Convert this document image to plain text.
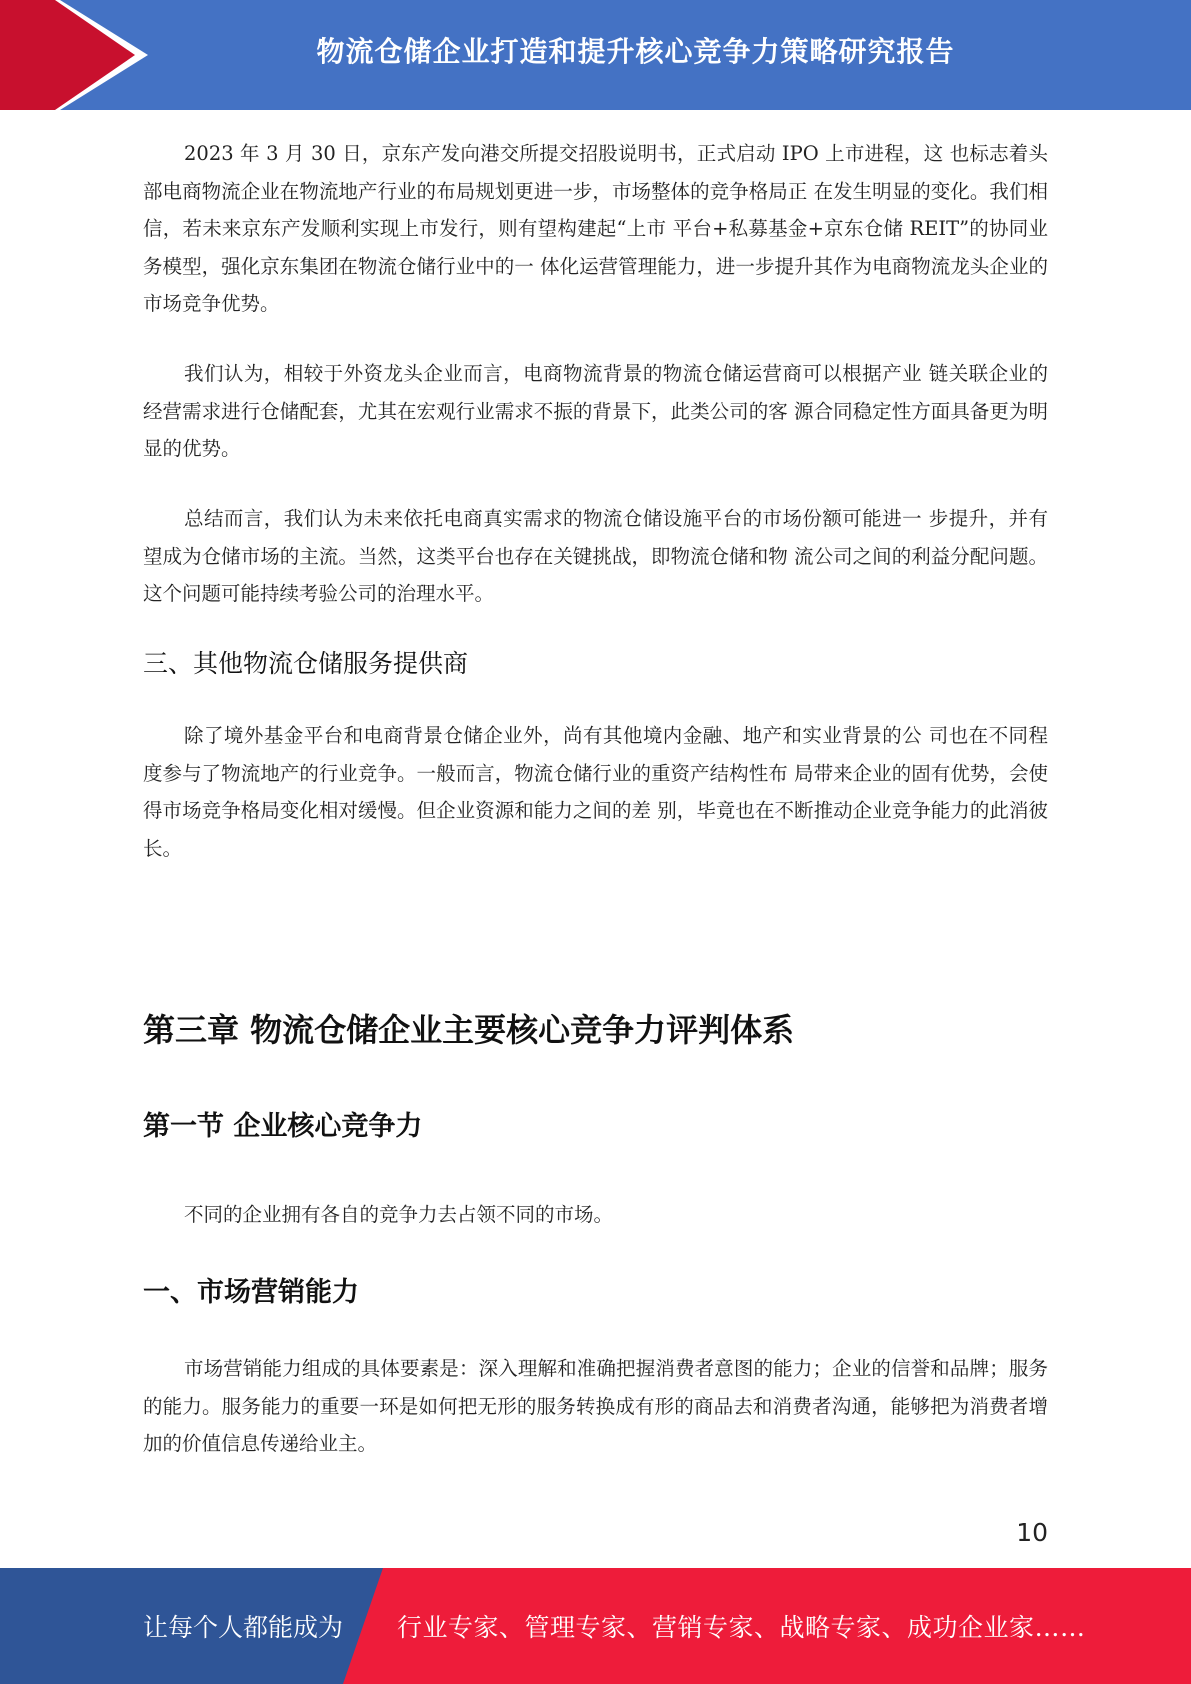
物流仓储企业打造和提升核心竞争力策略研究报告

2023 年 3 月 30 日，京东产发向港交所提交招股说明书，正式启动 IPO 上市进程，这 也标志着头部电商物流企业在物流地产行业的布局规划更进一步，市场整体的竞争格局正 在发生明显的变化。我们相信，若未来京东产发顺利实现上市发行，则有望构建起“上市 平台+私募基金+京东仓储 REIT”的协同业务模型，强化京东集团在物流仓储行业中的一 体化运营管理能力，进一步提升其作为电商物流龙头企业的市场竞争优势。

我们认为，相较于外资龙头企业而言，电商物流背景的物流仓储运营商可以根据产业 链关联企业的经营需求进行仓储配套，尤其在宏观行业需求不振的背景下，此类公司的客 源合同稳定性方面具备更为明显的优势。

总结而言，我们认为未来依托电商真实需求的物流仓储设施平台的市场份额可能进一 步提升，并有望成为仓储市场的主流。当然，这类平台也存在关键挑战，即物流仓储和物 流公司之间的利益分配问题。这个问题可能持续考验公司的治理水平。

三、其他物流仓储服务提供商

除了境外基金平台和电商背景仓储企业外，尚有其他境内金融、地产和实业背景的公 司也在不同程度参与了物流地产的行业竞争。一般而言，物流仓储行业的重资产结构性布 局带来企业的固有优势，会使得市场竞争格局变化相对缓慢。但企业资源和能力之间的差 别，毕竟也在不断推动企业竞争能力的此消彼长。

第三章 物流仓储企业主要核心竞争力评判体系
第一节 企业核心竞争力

不同的企业拥有各自的竞争力去占领不同的市场。

一、市场营销能力

市场营销能力组成的具体要素是：深入理解和准确把握消费者意图的能力；企业的信誉和品牌；服务的能力。服务能力的重要一环是如何把无形的服务转换成有形的商品去和消费者沟通，能够把为消费者增加的价值信息传递给业主。

10
让每个人都能成为 行业专家、管理专家、营销专家、战略专家、成功企业家……
